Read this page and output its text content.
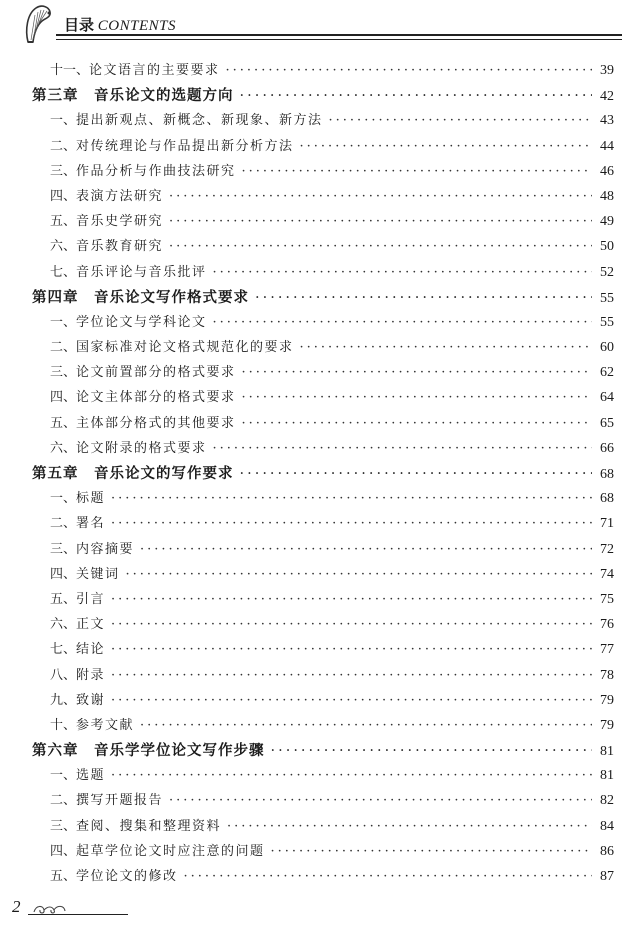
目录 CONTENTS
十一、 论文语言的主要要求 ·····	39
第三章　音乐论文的选题方向 ·····	42
一、 提出新观点、新概念、新现象、新方法 ·····	43
二、 对传统理论与作品提出新分析方法 ·····	44
三、 作品分析与作曲技法研究 ·····	46
四、 表演方法研究 ·····	48
五、 音乐史学研究 ·····	49
六、 音乐教育研究 ·····	50
七、 音乐评论与音乐批评 ·····	52
第四章　音乐论文写作格式要求 ·····	55
一、 学位论文与学科论文 ·····	55
二、 国家标准对论文格式规范化的要求 ·····	60
三、 论文前置部分的格式要求 ·····	62
四、 论文主体部分的格式要求 ·····	64
五、 主体部分格式的其他要求 ·····	65
六、 论文附录的格式要求 ·····	66
第五章　音乐论文的写作要求 ·····	68
一、 标题 ·····	68
二、 署名 ·····	71
三、 内容摘要 ·····	72
四、 关键词 ·····	74
五、 引言 ·····	75
六、 正文 ·····	76
七、 结论 ·····	77
八、 附录 ·····	78
九、 致谢 ·····	79
十、 参考文献 ·····	79
第六章　音乐学学位论文写作步骤 ·····	81
一、 选题 ·····	81
二、 撰写开题报告 ·····	82
三、 查阅、搜集和整理资料 ·····	84
四、 起草学位论文时应注意的问题 ·····	86
五、 学位论文的修改 ·····	87
2
